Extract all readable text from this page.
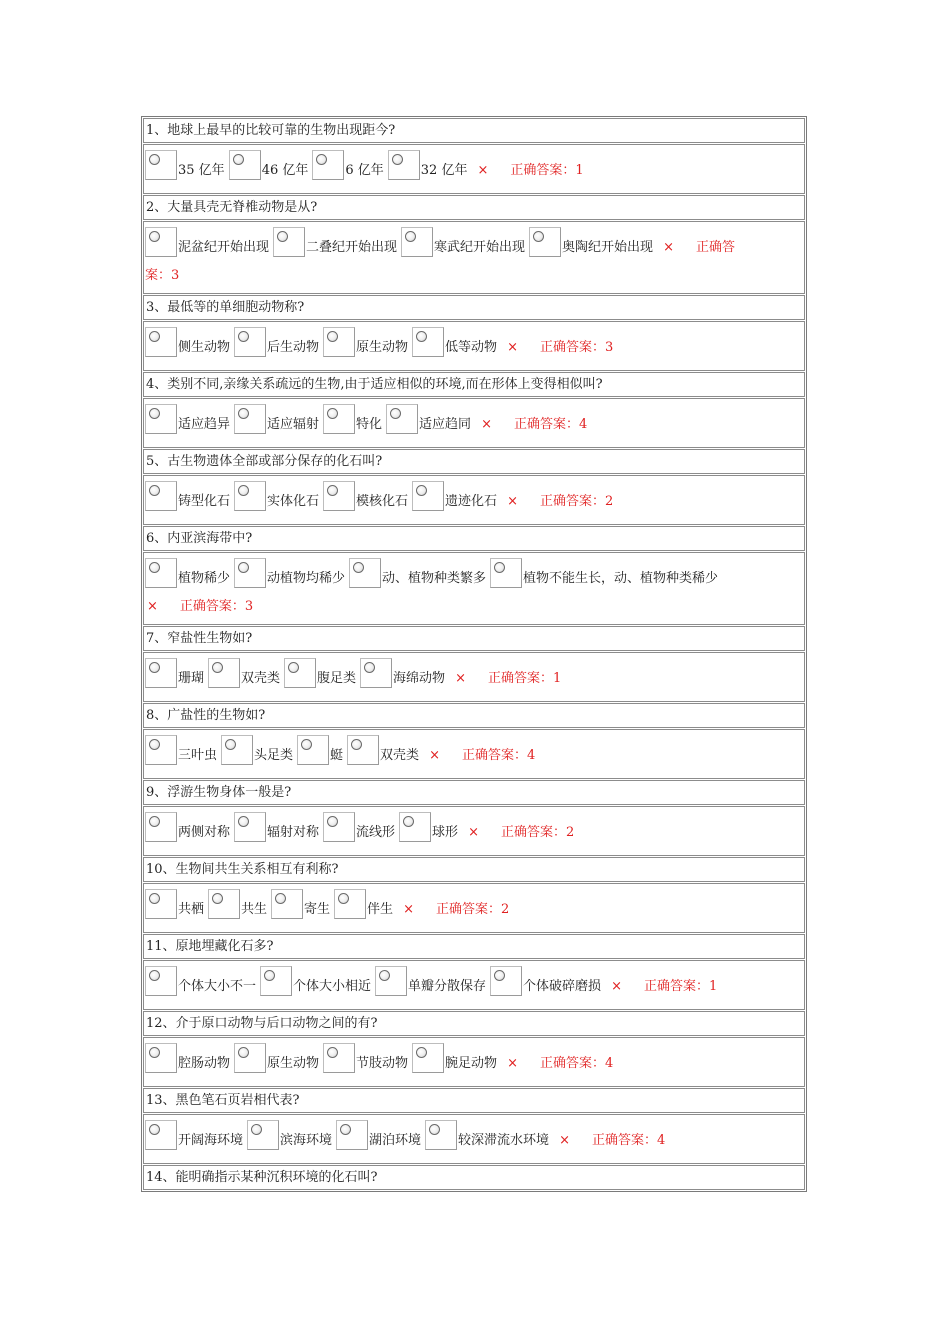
1、地球上最早的比较可靠的生物出现距今?
35 亿年	46 亿年	6 亿年	32 亿年 × 正确答案：1
2、大量具壳无脊椎动物是从?
泥盆纪开始出现	二叠纪开始出现	寒武纪开始出现	奥陶纪开始出现 × 正确答
案：3
3、最低等的单细胞动物称?
侧生动物	后生动物	原生动物	低等动物 × 正确答案：3
4、类别不同,亲缘关系疏远的生物,由于适应相似的环境,而在形体上变得相似叫?
适应趋异	适应辐射	特化	适应趋同 × 正确答案：4
5、古生物遗体全部或部分保存的化石叫?
铸型化石	实体化石	模核化石	遗迹化石 × 正确答案：2
6、内亚滨海带中?
植物稀少	动植物均稀少	动、植物种类繁多	植物不能生长，动、植物种类稀少
× 正确答案：3
7、窄盐性生物如?
珊瑚	双壳类	腹足类	海绵动物 × 正确答案：1
8、广盐性的生物如?
三叶虫	头足类	蜓	双壳类 × 正确答案：4
9、浮游生物身体一般是?
两侧对称	辐射对称	流线形	球形 × 正确答案：2
10、生物间共生关系相互有利称?
共栖	共生	寄生	伴生 × 正确答案：2
11、原地埋藏化石多?
个体大小不一	个体大小相近	单瓣分散保存	个体破碎磨损 × 正确答案：1
12、介于原口动物与后口动物之间的有?
腔肠动物	原生动物	节肢动物	腕足动物 × 正确答案：4
13、黑色笔石页岩相代表?
开阔海环境	滨海环境	湖泊环境	较深滞流水环境 × 正确答案：4
14、能明确指示某种沉积环境的化石叫?
